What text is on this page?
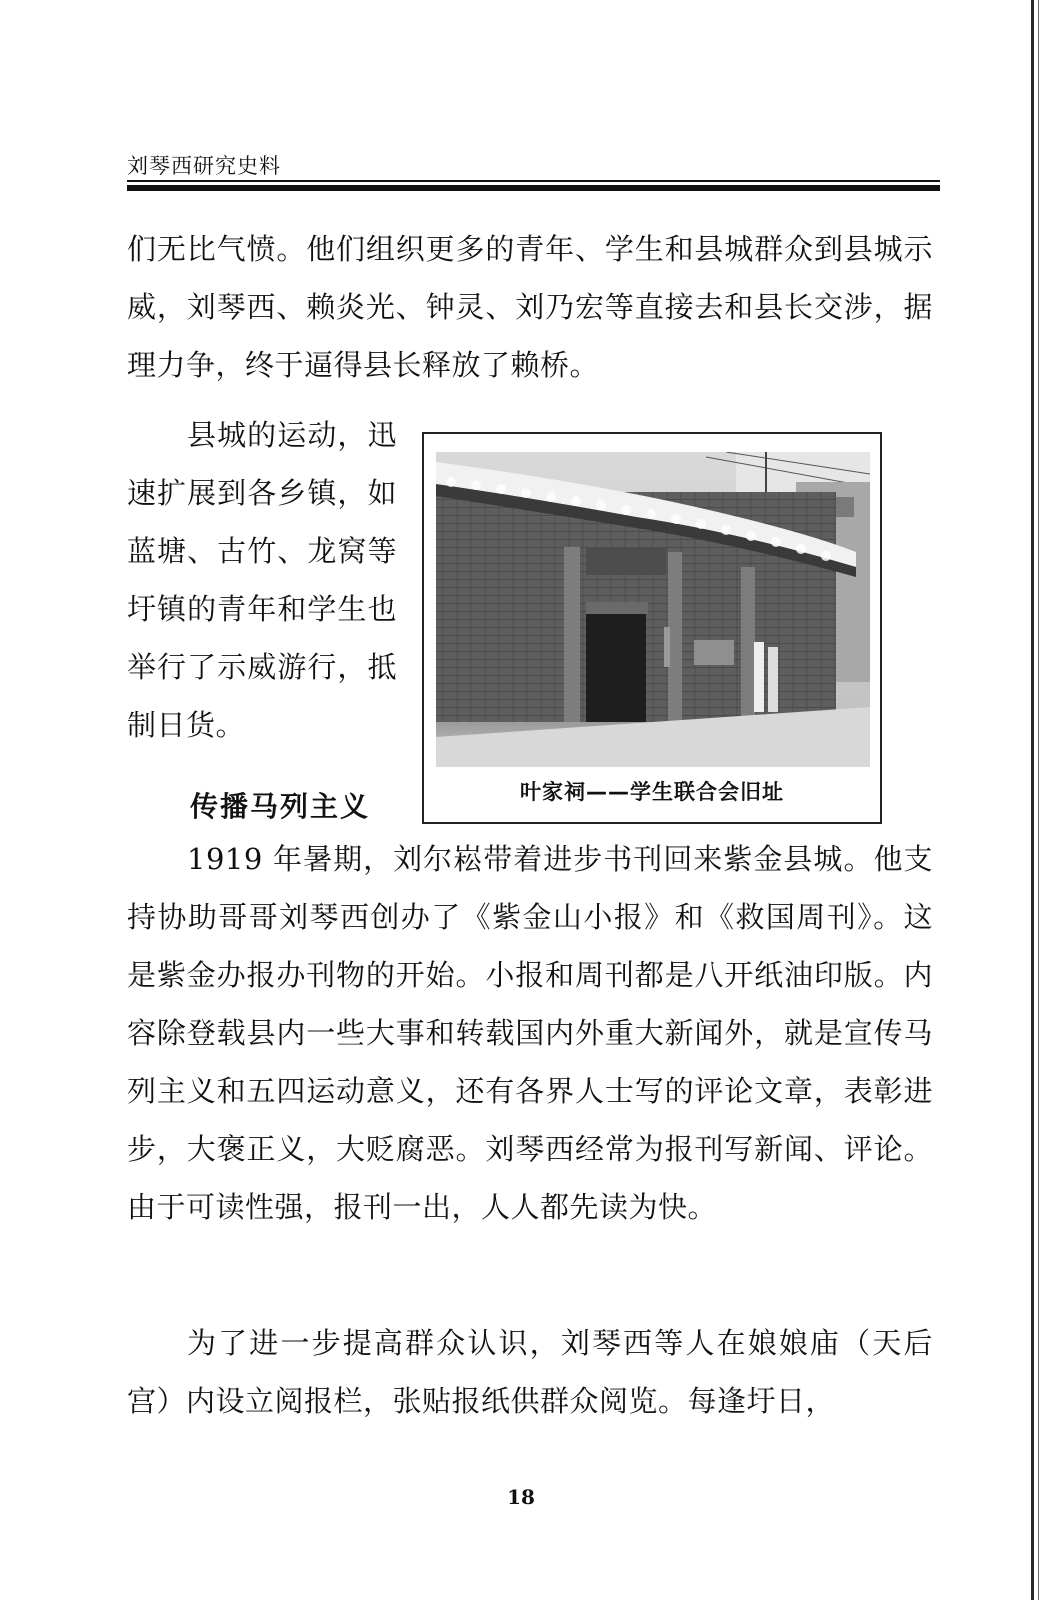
刘琴西研究史料

们无比气愤。他们组织更多的青年、学生和县城群众到县城示威，刘琴西、赖炎光、钟灵、刘乃宏等直接去和县长交涉，据理力争，终于逼得县长释放了赖桥。

县城的运动，迅速扩展到各乡镇，如蓝塘、古竹、龙窝等圩镇的青年和学生也举行了示威游行，抵制日货。

传播马列主义	叶家祠——学生联合会旧址

1919 年暑期，刘尔崧带着进步书刊回来紫金县城。他支持协助哥哥刘琴西创办了《紫金山小报》和《救国周刊》。这是紫金办报办刊物的开始。小报和周刊都是八开纸油印版。内容除登载县内一些大事和转载国内外重大新闻外，就是宣传马列主义和五四运动意义，还有各界人士写的评论文章，表彰进步，大褒正义，大贬腐恶。刘琴西经常为报刊写新闻、评论。由于可读性强，报刊一出，人人都先读为快。

为了进一步提高群众认识，刘琴西等人在娘娘庙（天后宫）内设立阅报栏，张贴报纸供群众阅览。每逢圩日，

18
